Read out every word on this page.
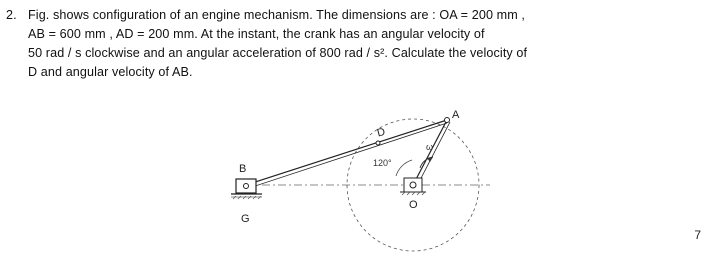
2. Fig. shows configuration of an engine mechanism. The dimensions are : OA = 200 mm ,
AB = 600 mm , AD = 200 mm. At the instant, the crank has an angular velocity of
50 rad / s clockwise and an angular acceleration of 800 rad / s². Calculate the velocity of
D and angular velocity of AB.
A
B
D
G
O
120°
ω
7
